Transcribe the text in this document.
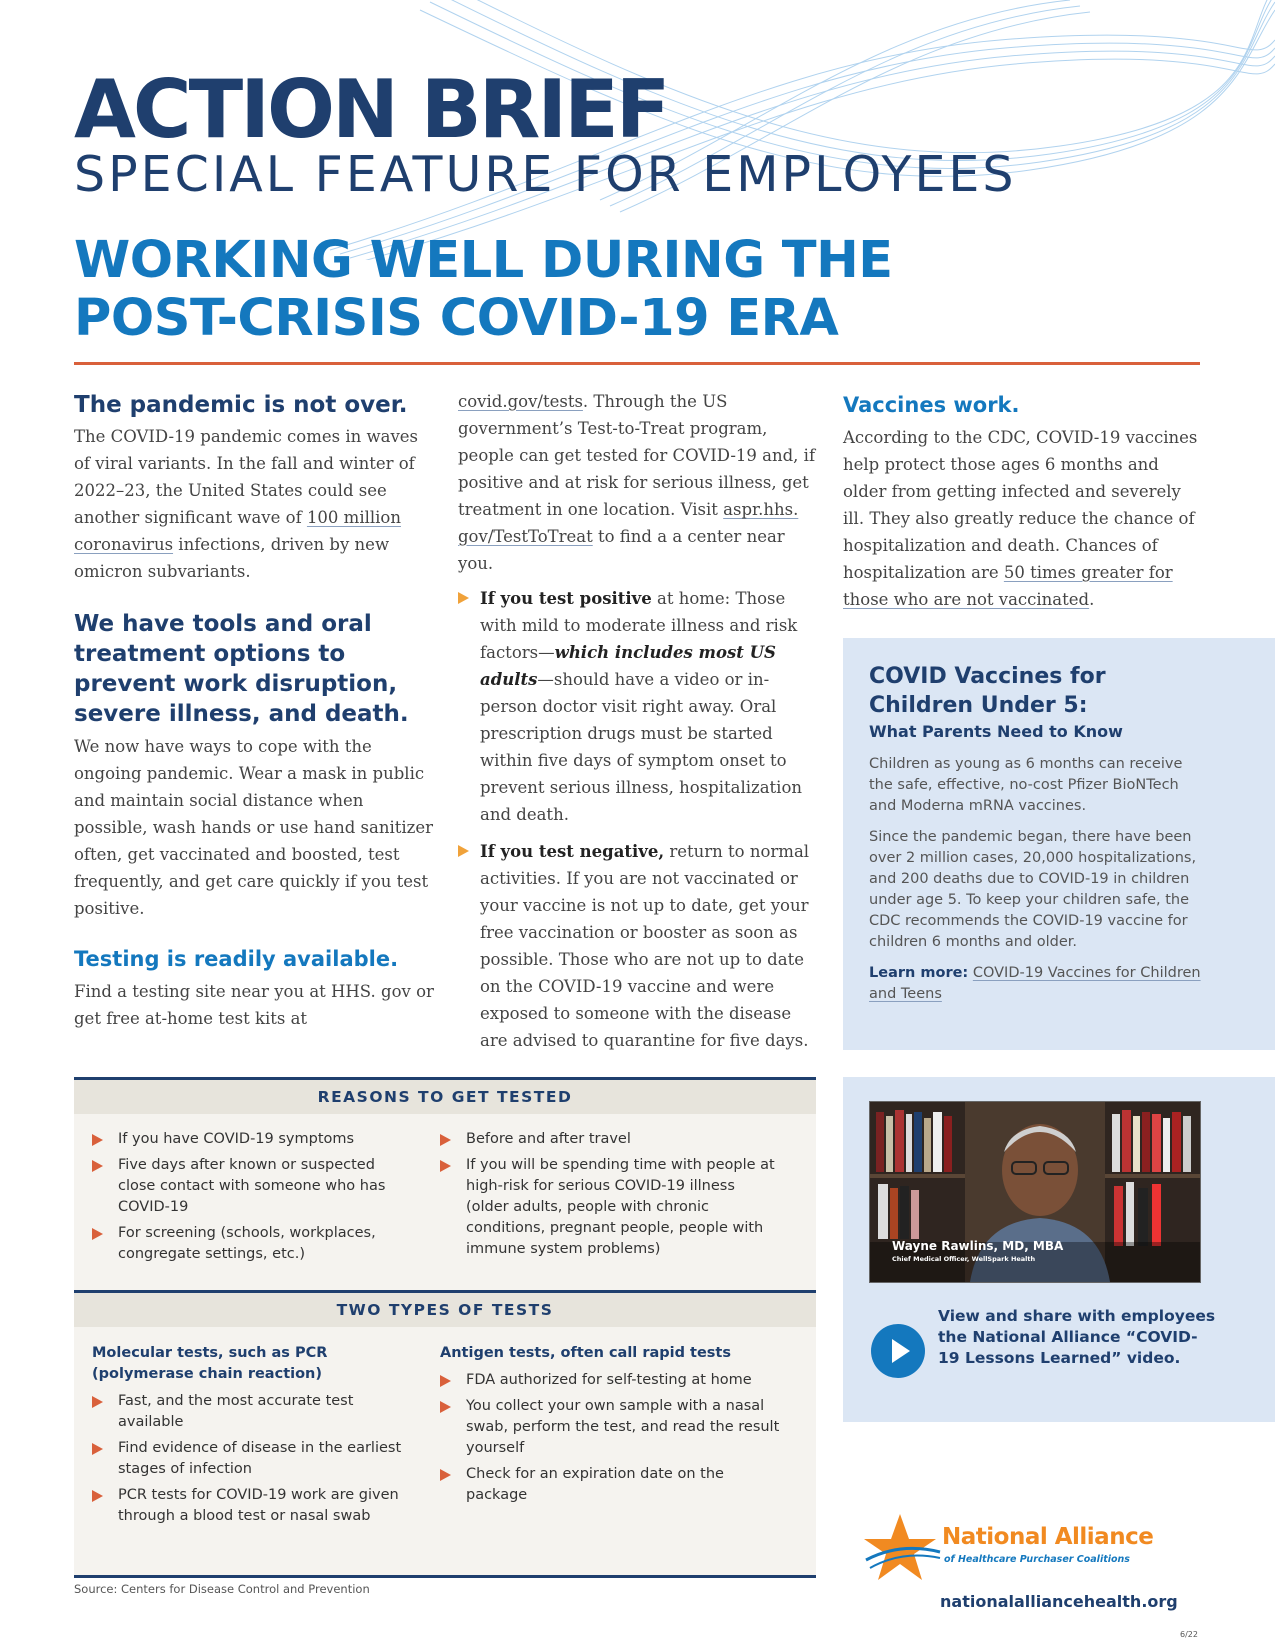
ACTION BRIEF
SPECIAL FEATURE FOR EMPLOYEES
WORKING WELL DURING THE
POST-CRISIS COVID-19 ERA
The pandemic is not over.

The COVID-19 pandemic comes in waves of viral variants. In the fall and winter of 2022–23, the United States could see another significant wave of 100 million coronavirus infections, driven by new omicron subvariants.

We have tools and oral treatment options to prevent work disruption, severe illness, and death.

We now have ways to cope with the ongoing pandemic. Wear a mask in public and maintain social distance when possible, wash hands or use hand sanitizer often, get vaccinated and boosted, test frequently, and get care quickly if you test positive.

Testing is readily available.

Find a testing site near you at HHS. gov or get free at-home test kits at

covid.gov/tests. Through the US government’s Test-to-Treat program, people can get tested for COVID-19 and, if positive and at risk for serious illness, get treatment in one location. Visit aspr.hhs. gov/TestToTreat to find a a center near you.

If you test positive at home: Those with mild to moderate illness and risk factors—which includes most US adults—should have a video or in-person doctor visit right away. Oral prescription drugs must be started within five days of symptom onset to prevent serious illness, hospitalization and death.
If you test negative, return to normal activities. If you are not vaccinated or your vaccine is not up to date, get your free vaccination or booster as soon as possible. Those who are not up to date on the COVID-19 vaccine and were exposed to someone with the disease are advised to quarantine for five days.
Vaccines work.

According to the CDC, COVID-19 vaccines help protect those ages 6 months and older from getting infected and severely ill. They also greatly reduce the chance of hospitalization and death. Chances of hospitalization are 50 times greater for those who are not vaccinated.

COVID Vaccines for Children Under 5:
What Parents Need to Know

Children as young as 6 months can receive the safe, effective, no-cost Pfizer BioNTech and Moderna mRNA vaccines.

Since the pandemic began, there have been over 2 million cases, 20,000 hospitalizations, and 200 deaths due to COVID-19 in children under age 5. To keep your children safe, the CDC recommends the COVID-19 vaccine for children 6 months and older.

Learn more: COVID-19 Vaccines for Children and Teens

Wayne Rawlins, MD, MBA
Chief Medical Officer, WellSpark Health
View and share with employees the National Alliance “COVID-19 Lessons Learned” video.
REASONS TO GET TESTED
If you have COVID-19 symptoms
Five days after known or suspected close contact with someone who has COVID-19
For screening (schools, workplaces, congregate settings, etc.)
Before and after travel
If you will be spending time with people at high-risk for serious COVID-19 illness (older adults, people with chronic conditions, pregnant people, people with immune system problems)
TWO TYPES OF TESTS
Molecular tests, such as PCR (polymerase chain reaction)
Fast, and the most accurate test available
Find evidence of disease in the earliest stages of infection
PCR tests for COVID-19 work are given through a blood test or nasal swab
Antigen tests, often call rapid tests
FDA authorized for self-testing at home
You collect your own sample with a nasal swab, perform the test, and read the result yourself
Check for an expiration date on the package
Source: Centers for Disease Control and Prevention
National Alliance
of Healthcare Purchaser Coalitions
nationalalliancehealth.org
6/22
